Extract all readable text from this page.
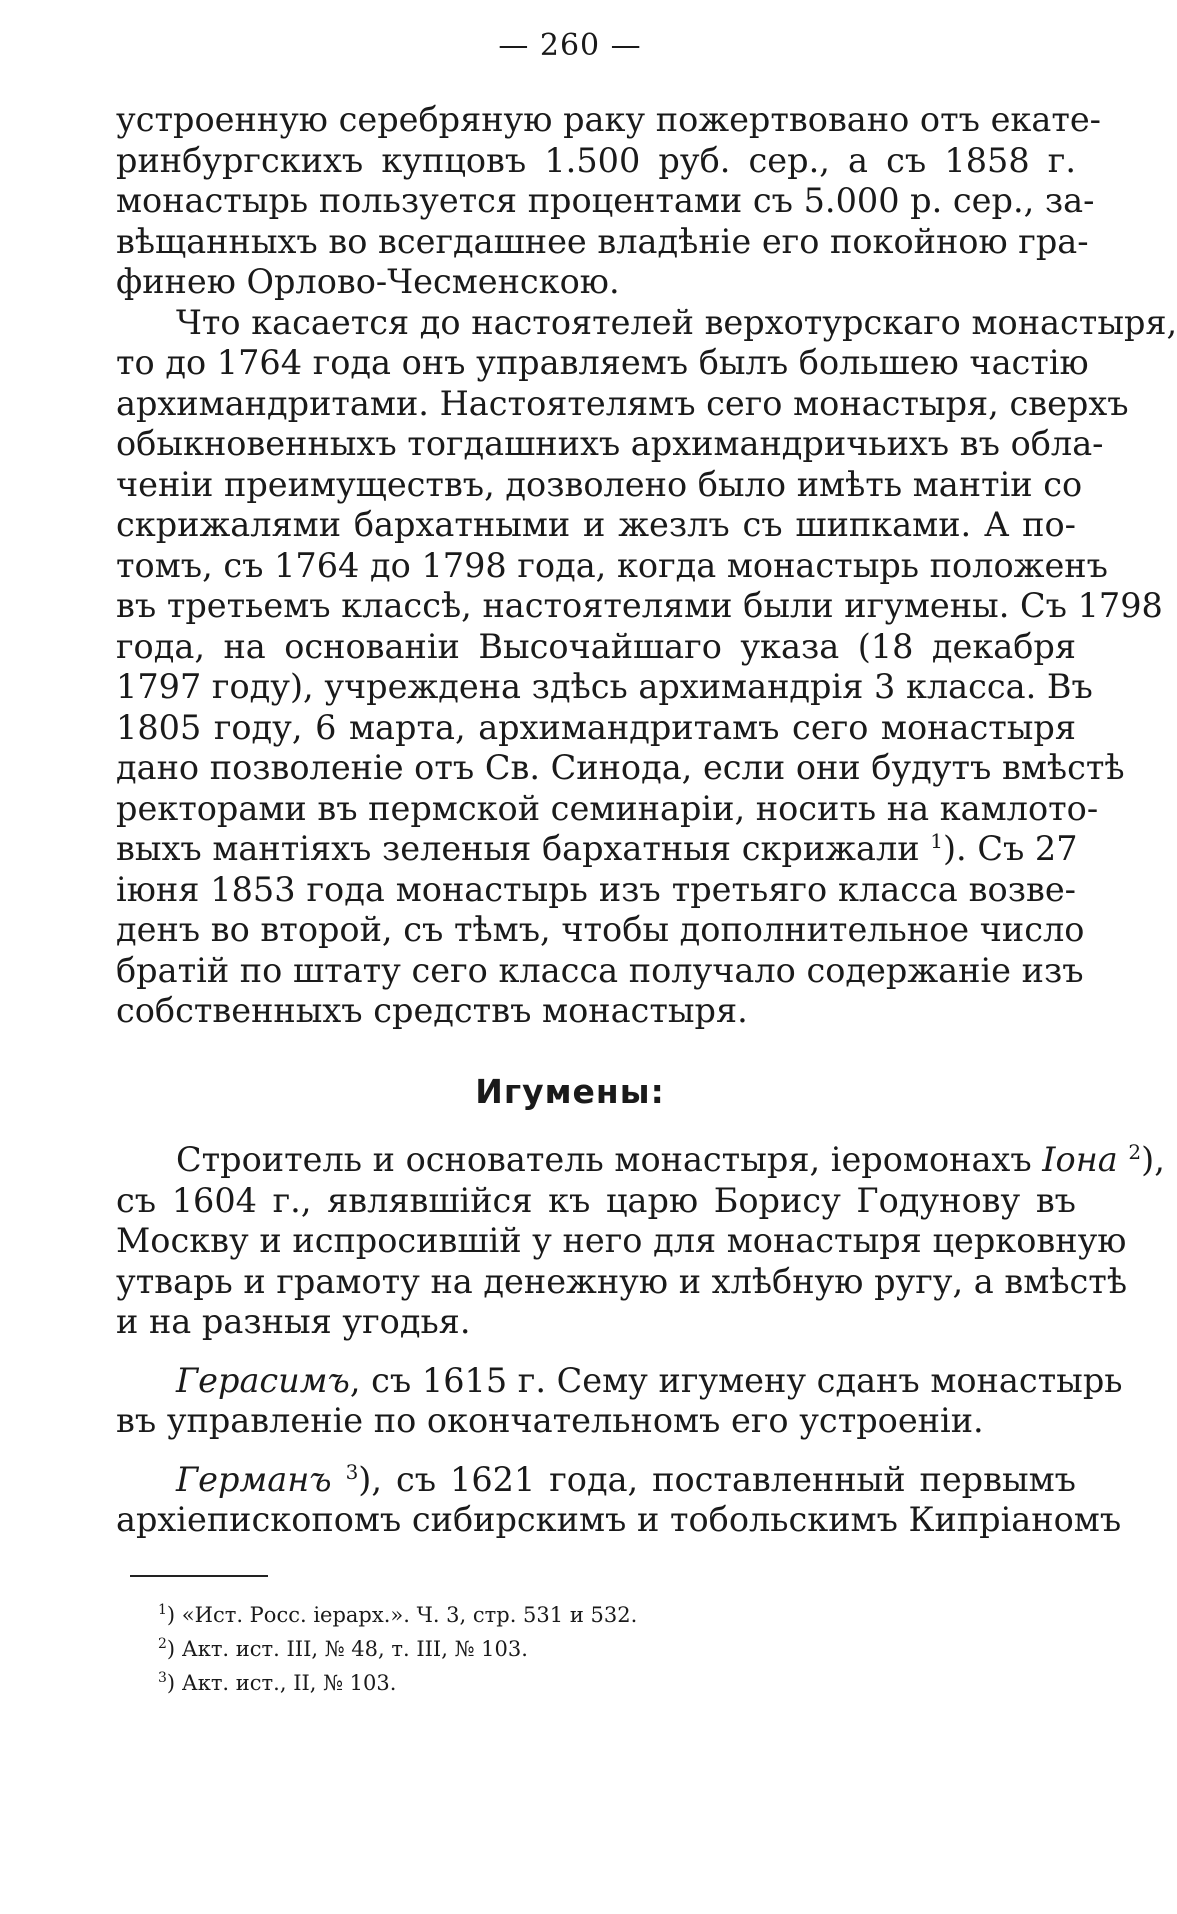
— 260 —
устроенную серебряную раку пожертвовано отъ екате-
ринбургскихъ купцовъ 1.500 руб. сер., а съ 1858 г.
монастырь пользуется процентами съ 5.000 р. сер., за-
вѣщанныхъ во всегдашнее владѣніе его покойною гра-
финею Орлово-Чесменскою.
Что касается до настоятелей верхотурскаго монастыря,
то до 1764 года онъ управляемъ былъ большею частію
архимандритами. Настоятелямъ сего монастыря, сверхъ
обыкновенныхъ тогдашнихъ архимандричьихъ въ обла-
ченіи преимуществъ, дозволено было имѣть мантіи со
скрижалями бархатными и жезлъ съ шипками. А по-
томъ, съ 1764 до 1798 года, когда монастырь положенъ
въ третьемъ классѣ, настоятелями были игумены. Съ 1798
года, на основаніи Высочайшаго указа (18 декабря
1797 году), учреждена здѣсь архимандрія 3 класса. Въ
1805 году, 6 марта, архимандритамъ сего монастыря
дано позволеніе отъ Св. Синода, если они будутъ вмѣстѣ
ректорами въ пермской семинаріи, носить на камлото-
выхъ мантіяхъ зеленыя бархатныя скрижали $^1$). Съ 27
іюня 1853 года монастырь изъ третьяго класса возве-
денъ во второй, съ тѣмъ, чтобы дополнительное число
братій по штату сего класса получало содержаніе изъ
собственныхъ средствъ монастыря.
Игумены:
Строитель и основатель монастыря, іеромонахъ Іона $^2$),
съ 1604 г., являвшійся къ царю Борису Годунову въ
Москву и испросившій у него для монастыря церковную
утварь и грамоту на денежную и хлѣбную ругу, а вмѣстѣ
и на разныя угодья.
Герасимъ, съ 1615 г. Сему игумену сданъ монастырь
въ управленіе по окончательномъ его устроеніи.
Германъ $^3$), съ 1621 года, поставленный первымъ
архіепископомъ сибирскимъ и тобольскимъ Кипріаномъ
$^1$) «Ист. Росс. іерарх.». Ч. 3, стр. 531 и 532.
$^2$) Акт. ист. III, № 48, т. III, № 103.
$^3$) Акт. ист., II, № 103.
